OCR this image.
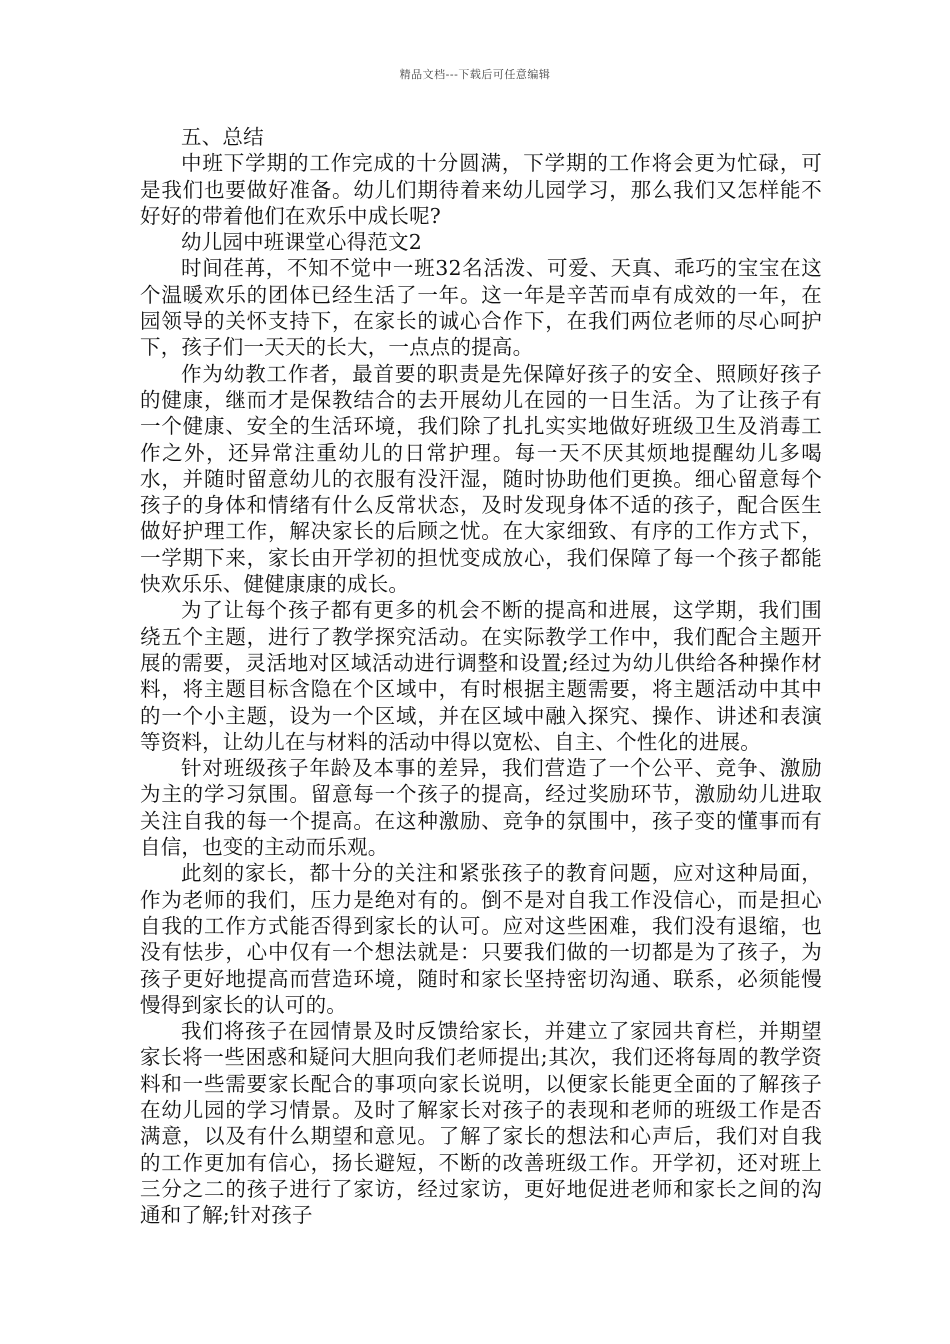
精品文档---下载后可任意编辑

五、总结

中班下学期的工作完成的十分圆满，下学期的工作将会更为忙碌，可是我们也要做好准备。幼儿们期待着来幼儿园学习，那么我们又怎样能不好好的带着他们在欢乐中成长呢?

幼儿园中班课堂心得范文2

时间荏苒，不知不觉中一班32名活泼、可爱、天真、乖巧的宝宝在这个温暖欢乐的团体已经生活了一年。这一年是辛苦而卓有成效的一年，在园领导的关怀支持下，在家长的诚心合作下，在我们两位老师的尽心呵护下，孩子们一天天的长大，一点点的提高。

作为幼教工作者，最首要的职责是先保障好孩子的安全、照顾好孩子的健康，继而才是保教结合的去开展幼儿在园的一日生活。为了让孩子有一个健康、安全的生活环境，我们除了扎扎实实地做好班级卫生及消毒工作之外，还异常注重幼儿的日常护理。每一天不厌其烦地提醒幼儿多喝水，并随时留意幼儿的衣服有没汗湿，随时协助他们更换。细心留意每个孩子的身体和情绪有什么反常状态，及时发现身体不适的孩子，配合医生做好护理工作，解决家长的后顾之忧。在大家细致、有序的工作方式下，一学期下来，家长由开学初的担忧变成放心，我们保障了每一个孩子都能快欢乐乐、健健康康的成长。

为了让每个孩子都有更多的机会不断的提高和进展，这学期，我们围绕五个主题，进行了教学探究活动。在实际教学工作中，我们配合主题开展的需要，灵活地对区域活动进行调整和设置;经过为幼儿供给各种操作材料，将主题目标含隐在个区域中，有时根据主题需要，将主题活动中其中的一个小主题，设为一个区域，并在区域中融入探究、操作、讲述和表演等资料，让幼儿在与材料的活动中得以宽松、自主、个性化的进展。

针对班级孩子年龄及本事的差异，我们营造了一个公平、竞争、激励为主的学习氛围。留意每一个孩子的提高，经过奖励环节，激励幼儿进取关注自我的每一个提高。在这种激励、竞争的氛围中，孩子变的懂事而有自信，也变的主动而乐观。

此刻的家长，都十分的关注和紧张孩子的教育问题，应对这种局面，作为老师的我们，压力是绝对有的。倒不是对自我工作没信心，而是担心自我的工作方式能否得到家长的认可。应对这些困难，我们没有退缩，也没有怯步，心中仅有一个想法就是：只要我们做的一切都是为了孩子，为孩子更好地提高而营造环境，随时和家长坚持密切沟通、联系，必须能慢慢得到家长的认可的。

我们将孩子在园情景及时反馈给家长，并建立了家园共育栏，并期望家长将一些困惑和疑问大胆向我们老师提出;其次，我们还将每周的教学资料和一些需要家长配合的事项向家长说明，以便家长能更全面的了解孩子在幼儿园的学习情景。及时了解家长对孩子的表现和老师的班级工作是否满意，以及有什么期望和意见。了解了家长的想法和心声后，我们对自我的工作更加有信心，扬长避短，不断的改善班级工作。开学初，还对班上三分之二的孩子进行了家访，经过家访，更好地促进老师和家长之间的沟通和了解;针对孩子
